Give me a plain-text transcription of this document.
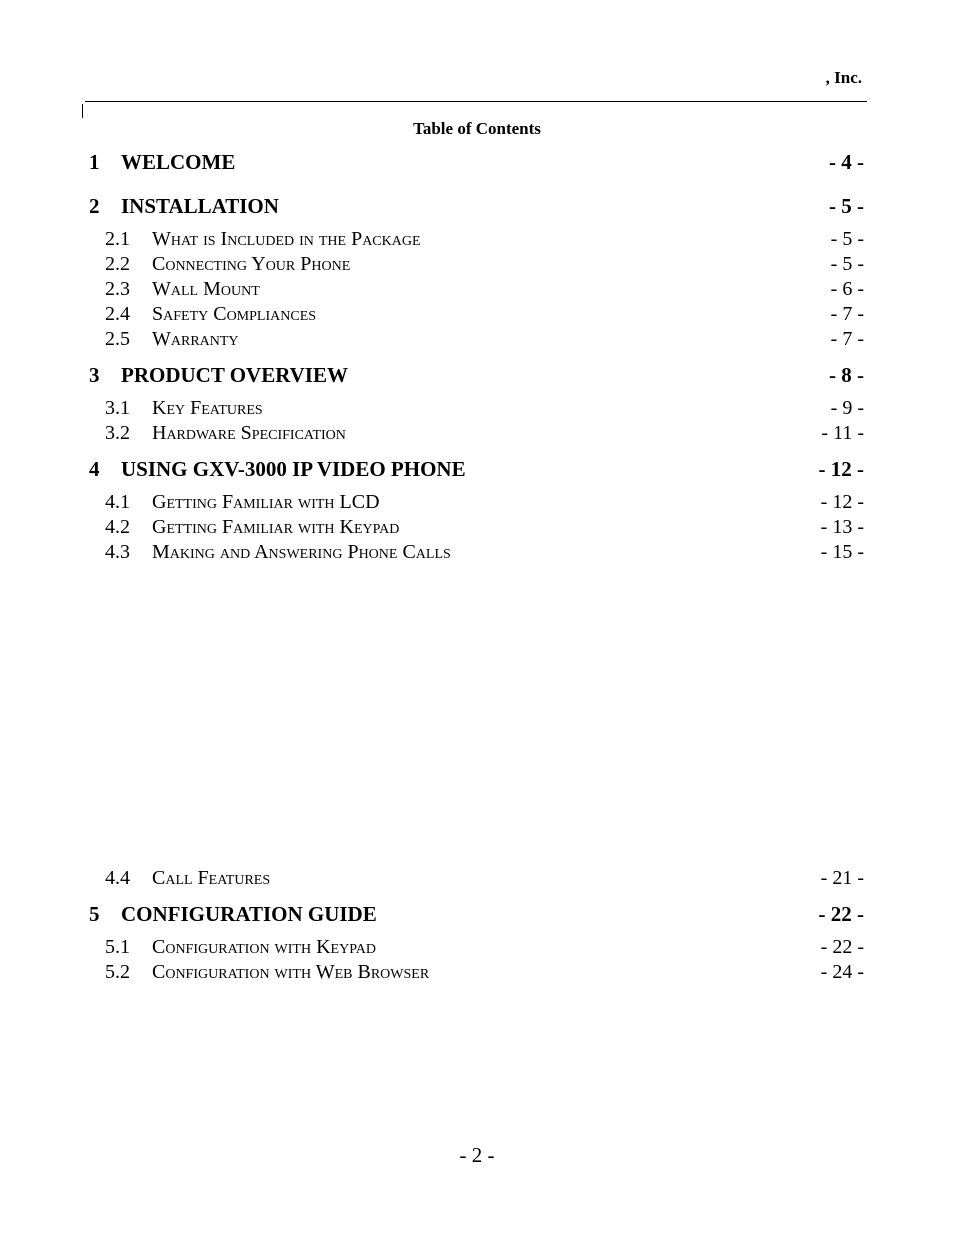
, Inc.
Table of Contents
1 WELCOME	- 4 -
2 INSTALLATION	- 5 -
2.1 What is Included in the Package	- 5 -
2.2 Connecting Your Phone	- 5 -
2.3 Wall Mount	- 6 -
2.4 Safety Compliances	- 7 -
2.5 Warranty	- 7 -
3 PRODUCT OVERVIEW	- 8 -
3.1 Key Features	- 9 -
3.2 Hardware Specification	- 11 -
4 USING GXV-3000 IP VIDEO PHONE	- 12 -
4.1 Getting Familiar with LCD	- 12 -
4.2 Getting Familiar with Keypad	- 13 -
4.3 Making and Answering Phone Calls	- 15 -
4.4 Call Features	- 21 -
5 CONFIGURATION GUIDE	- 22 -
5.1 Configuration with Keypad	- 22 -
5.2 Configuration with Web Browser	- 24 -
- 2 -
